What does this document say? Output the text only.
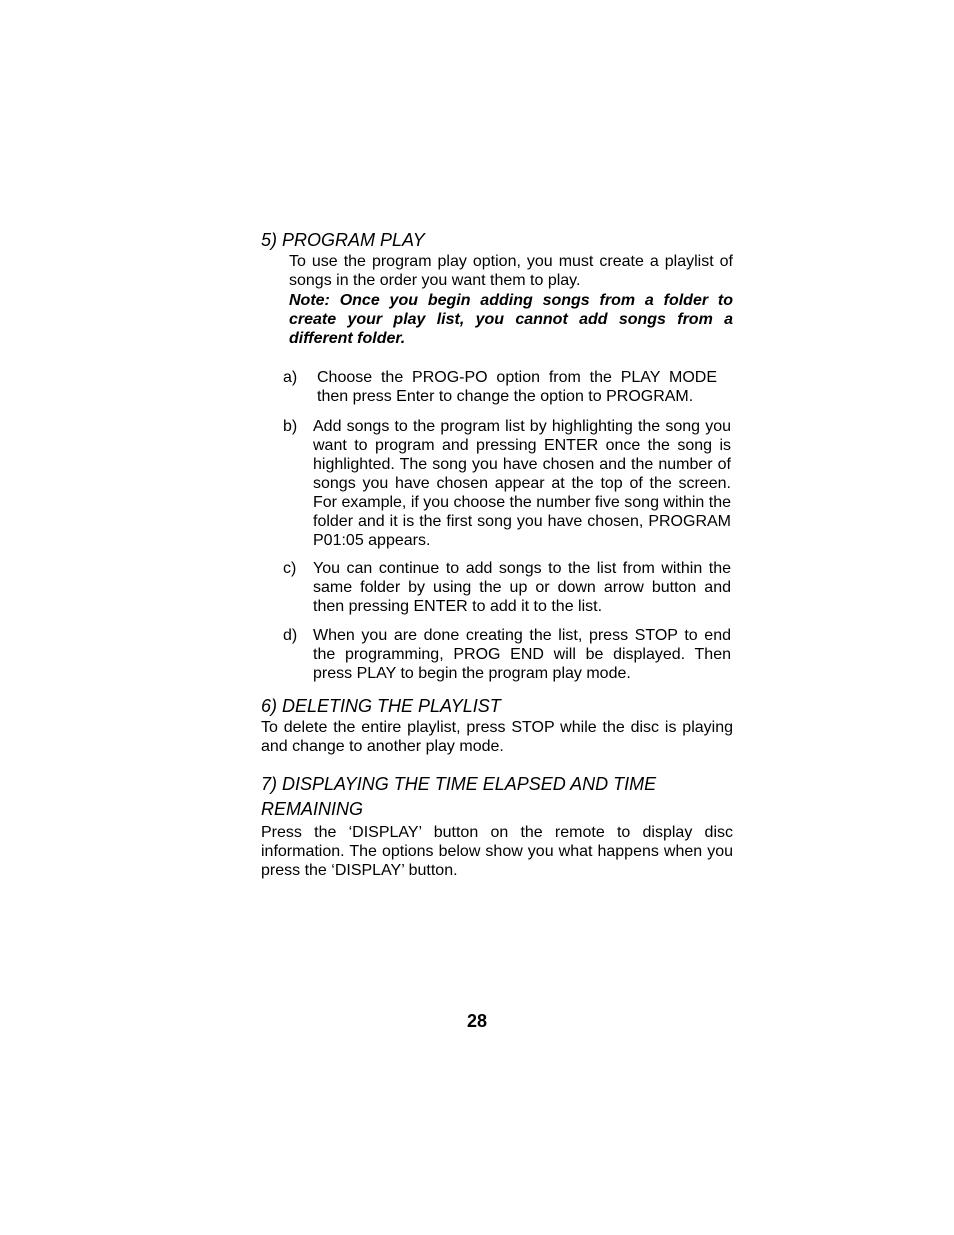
5) PROGRAM PLAY

To use the program play option, you must create a playlist of songs in the order you want them to play.

Note: Once you begin adding songs from a folder to create your play list, you cannot add songs from a different folder.

a) Choose the PROG-PO option from the PLAY MODE then press Enter to change the option to PROGRAM.
b) Add songs to the program list by highlighting the song you want to program and pressing ENTER once the song is highlighted. The song you have chosen and the number of songs you have chosen appear at the top of the screen. For example, if you choose the number five song within the folder and it is the first song you have chosen, PROGRAM P01:05 appears.
c) You can continue to add songs to the list from within the same folder by using the up or down arrow button and then pressing ENTER to add it to the list.
d) When you are done creating the list, press STOP to end the programming, PROG END will be displayed. Then press PLAY to begin the program play mode.
6) DELETING THE PLAYLIST

To delete the entire playlist, press STOP while the disc is playing and change to another play mode.

7) DISPLAYING THE TIME ELAPSED AND TIME
REMAINING

Press the ‘DISPLAY’ button on the remote to display disc information. The options below show you what happens when you press the ‘DISPLAY’ button.

28
